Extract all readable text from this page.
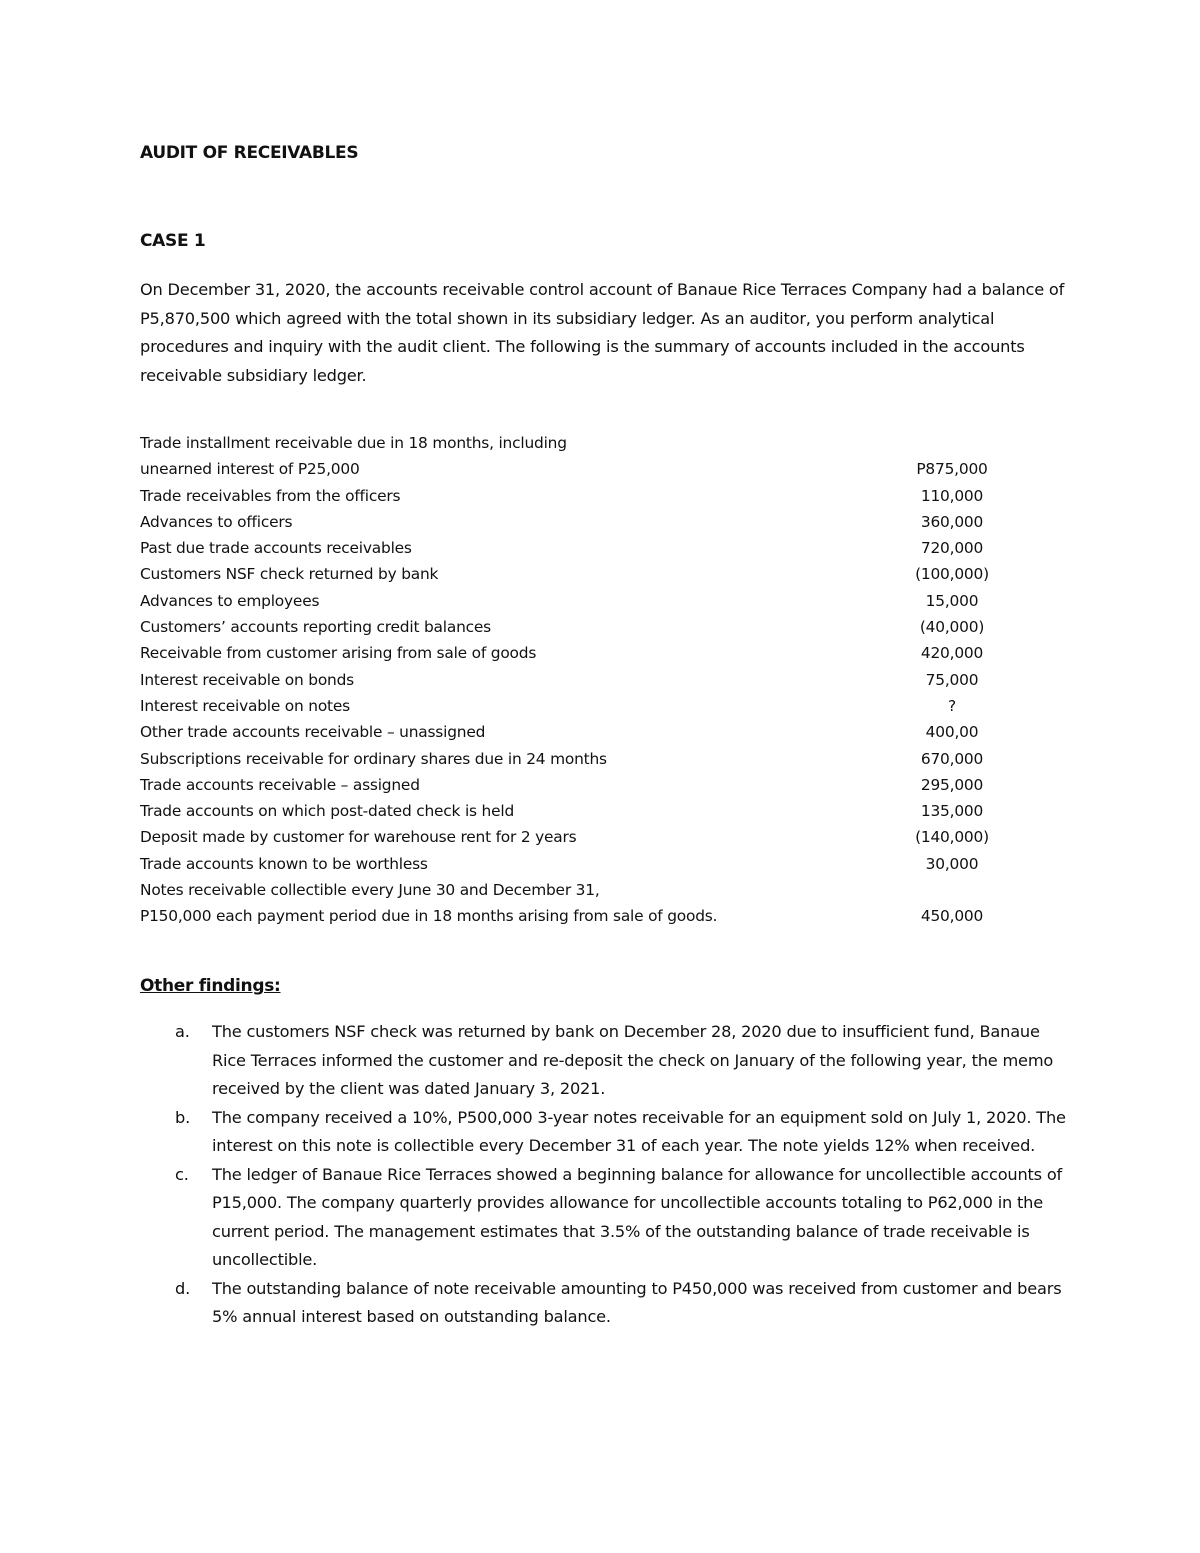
AUDIT OF RECEIVABLES
CASE 1

On December 31, 2020, the accounts receivable control account of Banaue Rice Terraces Company had a balance of P5,870,500 which agreed with the total shown in its subsidiary ledger. As an auditor, you perform analytical procedures and inquiry with the audit client. The following is the summary of accounts included in the accounts receivable subsidiary ledger.

Trade installment receivable due in 18 months, including
unearned interest of P25,000	P875,000
Trade receivables from the officers	110,000
Advances to officers	360,000
Past due trade accounts receivables	720,000
Customers NSF check returned by bank	(100,000)
Advances to employees	15,000
Customers’ accounts reporting credit balances	(40,000)
Receivable from customer arising from sale of goods	420,000
Interest receivable on bonds	75,000
Interest receivable on notes	?
Other trade accounts receivable – unassigned	400,00
Subscriptions receivable for ordinary shares due in 24 months	670,000
Trade accounts receivable – assigned	295,000
Trade accounts on which post-dated check is held	135,000
Deposit made by customer for warehouse rent for 2 years	(140,000)
Trade accounts known to be worthless	30,000
Notes receivable collectible every June 30 and December 31,
P150,000 each payment period due in 18 months arising from sale of goods.	450,000
Other findings:
a. The customers NSF check was returned by bank on December 28, 2020 due to insufficient fund, Banaue Rice Terraces informed the customer and re-deposit the check on January of the following year, the memo received by the client was dated January 3, 2021.
b. The company received a 10%, P500,000 3-year notes receivable for an equipment sold on July 1, 2020. The interest on this note is collectible every December 31 of each year. The note yields 12% when received.
c. The ledger of Banaue Rice Terraces showed a beginning balance for allowance for uncollectible accounts of P15,000. The company quarterly provides allowance for uncollectible accounts totaling to P62,000 in the current period. The management estimates that 3.5% of the outstanding balance of trade receivable is uncollectible.
d. The outstanding balance of note receivable amounting to P450,000 was received from customer and bears 5% annual interest based on outstanding balance.
